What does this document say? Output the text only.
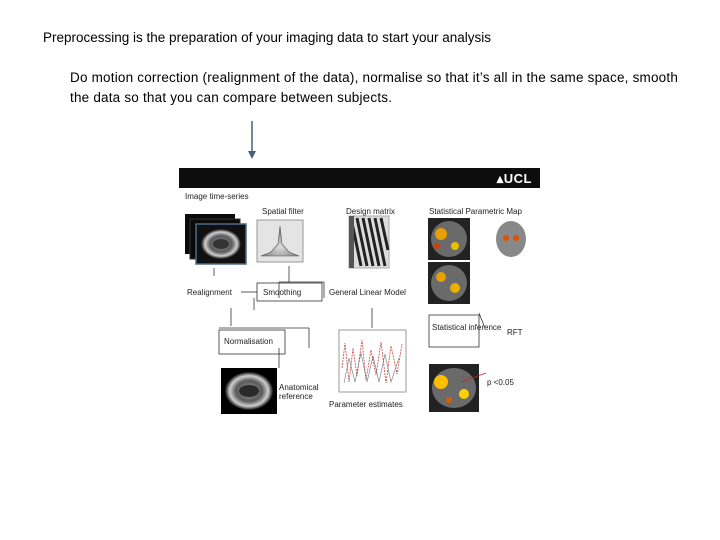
Preprocessing is the preparation of your imaging data to start your analysis
Do motion correction (realignment of the data), normalise so that it’s all in the same space, smooth the data so that you can compare between subjects.
▴UCL
Image time-series
Spatial filter	Design matrix	Statistical Parametric Map
Realignment	Smoothing	General Linear Model
Statistical inference
RFT
Normalisation
Anatomical reference
Parameter estimates
p <0.05
